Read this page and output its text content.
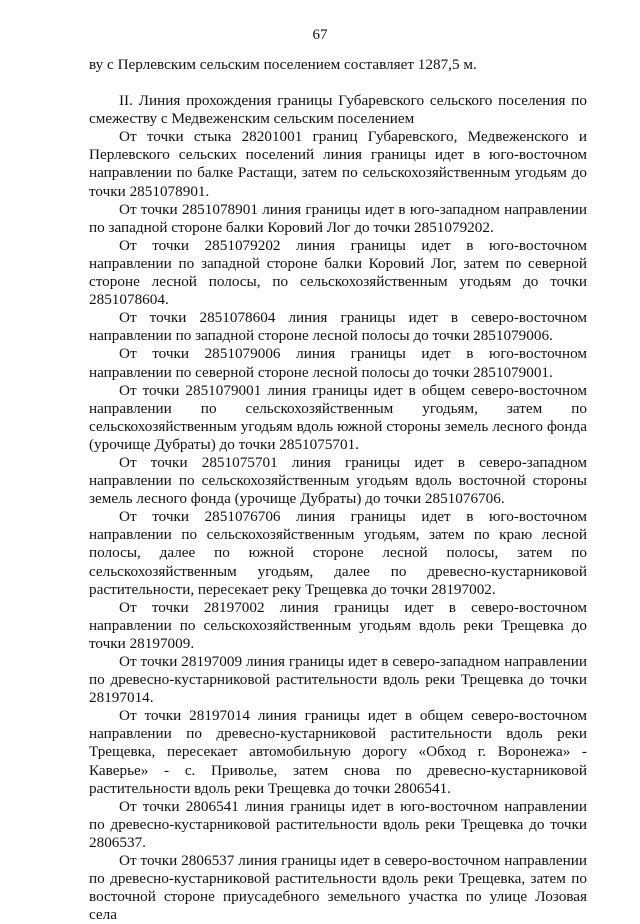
67

ву с Перлевским сельским поселением составляет 1287,5 м.

II. Линия прохождения границы Губаревского сельского поселения по смежеству с Медвеженским сельским поселением

От точки стыка 28201001 границ Губаревского, Медвеженского и Перлевского сельских поселений линия границы идет в юго-восточном направлении по балке Растащи, затем по сельскохозяйственным угодьям до точки 2851078901.

От точки 2851078901 линия границы идет в юго-западном направлении по западной стороне балки Коровий Лог до точки 2851079202.

От точки 2851079202 линия границы идет в юго-восточном направлении по западной стороне балки Коровий Лог, затем по северной стороне лесной полосы, по сельскохозяйственным угодьям до точки 2851078604.

От точки 2851078604 линия границы идет в северо-восточном направлении по западной стороне лесной полосы до точки 2851079006.

От точки 2851079006 линия границы идет в юго-восточном направлении по северной стороне лесной полосы до точки 2851079001.

От точки 2851079001 линия границы идет в общем северо-восточном направлении по сельскохозяйственным угодьям, затем по сельскохозяйственным угодьям вдоль южной стороны земель лесного фонда (урочище Дубраты) до точки 2851075701.

От точки 2851075701 линия границы идет в северо-западном направлении по сельскохозяйственным угодьям вдоль восточной стороны земель лесного фонда (урочище Дубраты) до точки 2851076706.

От точки 2851076706 линия границы идет в юго-восточном направлении по сельскохозяйственным угодьям, затем по краю лесной полосы, далее по южной стороне лесной полосы, затем по сельскохозяйственным угодьям, далее по древесно-кустарниковой растительности, пересекает реку Трещевка до точки 28197002.

От точки 28197002 линия границы идет в северо-восточном направлении по сельскохозяйственным угодьям вдоль реки Трещевка до точки 28197009.

От точки 28197009 линия границы идет в северо-западном направлении по древесно-кустарниковой растительности вдоль реки Трещевка до точки 28197014.

От точки 28197014 линия границы идет в общем северо-восточном направлении по древесно-кустарниковой растительности вдоль реки Трещевка, пересекает автомобильную дорогу «Обход г. Воронежа» - Каверье» - с. Приволье, затем снова по древесно-кустарниковой растительности вдоль реки Трещевка до точки 2806541.

От точки 2806541 линия границы идет в юго-восточном направлении по древесно-кустарниковой растительности вдоль реки Трещевка до точки 2806537.

От точки 2806537 линия границы идет в северо-восточном направлении по древесно-кустарниковой растительности вдоль реки Трещевка, затем по восточной стороне приусадебного земельного участка по улице Лозовая села
